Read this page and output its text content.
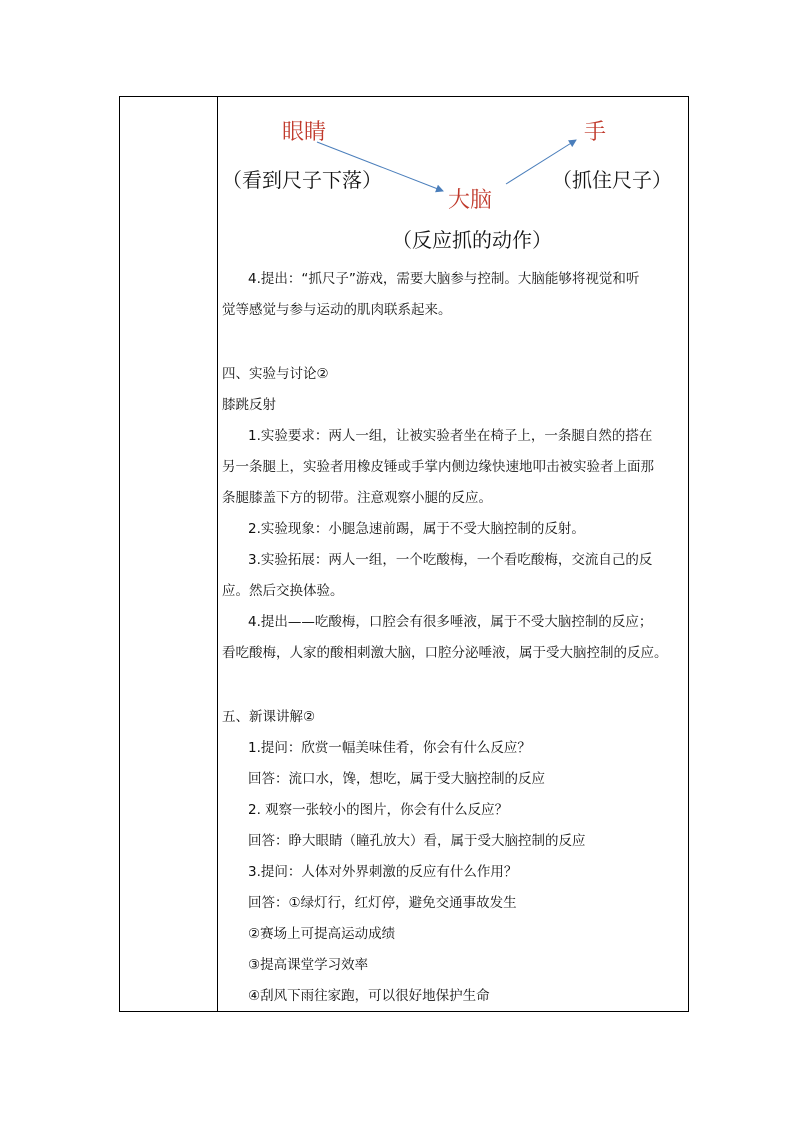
眼睛
（看到尺子下落）
大脑
（反应抓的动作）
手
（抓住尺子）
4.提出：“抓尺子”游戏，需要大脑参与控制。大脑能够将视觉和听
觉等感觉与参与运动的肌肉联系起来。
四、实验与讨论②
膝跳反射
1.实验要求：两人一组，让被实验者坐在椅子上，一条腿自然的搭在
另一条腿上，实验者用橡皮锤或手掌内侧边缘快速地叩击被实验者上面那
条腿膝盖下方的韧带。注意观察小腿的反应。
2.实验现象：小腿急速前踢，属于不受大脑控制的反射。
3.实验拓展：两人一组，一个吃酸梅，一个看吃酸梅，交流自己的反
应。然后交换体验。
4.提出——吃酸梅，口腔会有很多唾液，属于不受大脑控制的反应；
看吃酸梅，人家的酸相刺激大脑，口腔分泌唾液，属于受大脑控制的反应。
五、新课讲解②
1.提问：欣赏一幅美味佳肴，你会有什么反应？
回答：流口水，馋，想吃，属于受大脑控制的反应
2. 观察一张较小的图片，你会有什么反应？
回答：睁大眼睛（瞳孔放大）看，属于受大脑控制的反应
3.提问：人体对外界刺激的反应有什么作用？
回答：①绿灯行，红灯停，避免交通事故发生
②赛场上可提高运动成绩
③提高课堂学习效率
④刮风下雨往家跑，可以很好地保护生命
